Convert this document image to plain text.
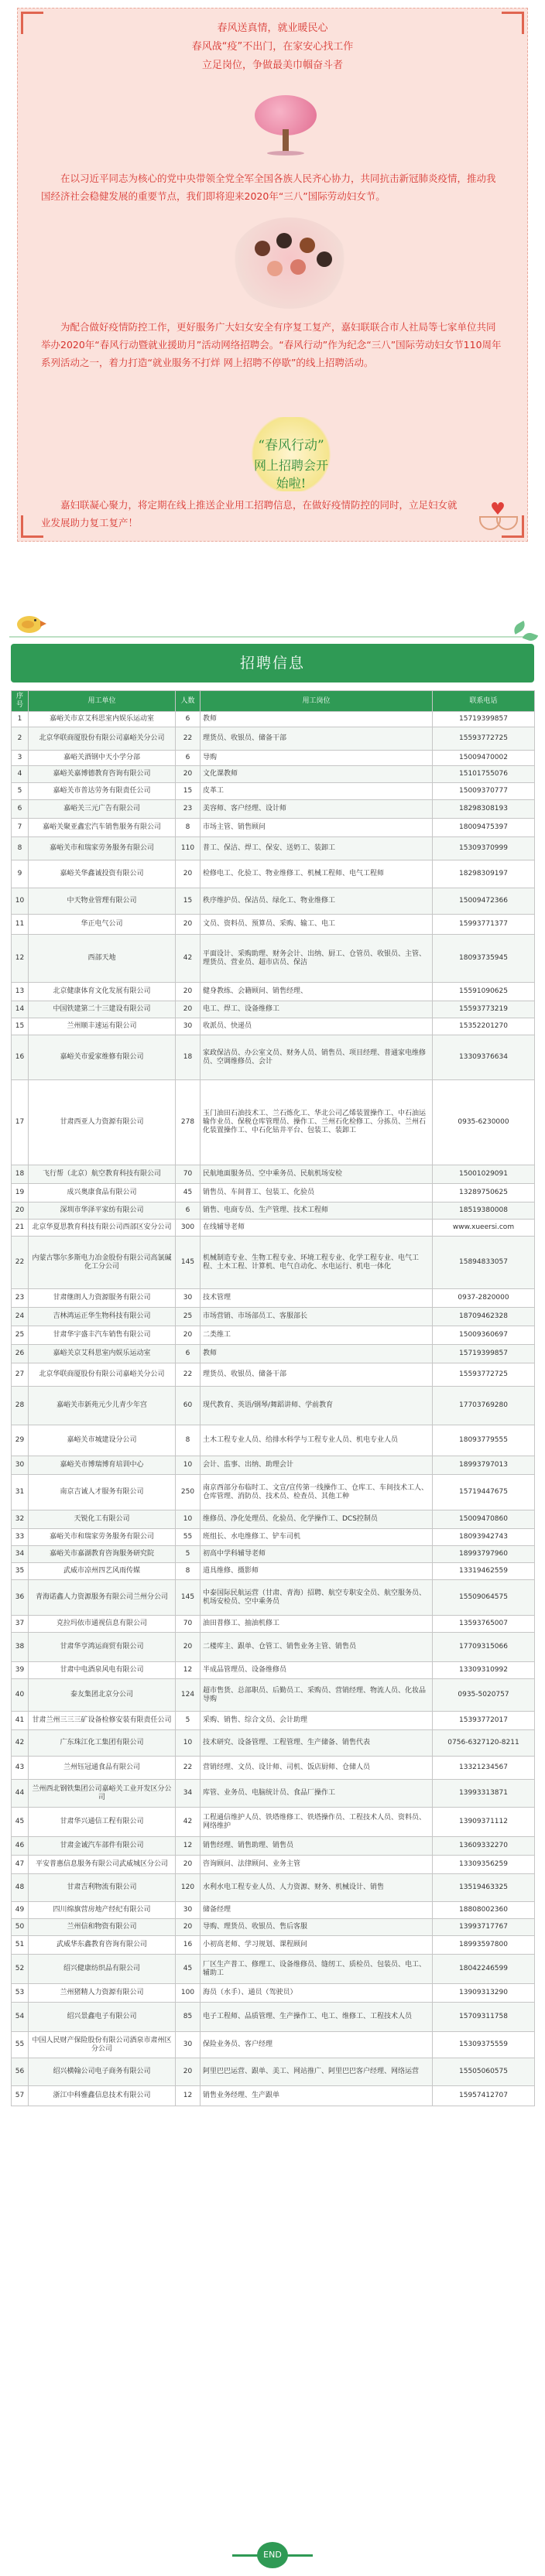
春风送真情，就业暖民心
春风战“疫”不出门，在家安心找工作
立足岗位，争做最美巾帼奋斗者

在以习近平同志为核心的党中央带领全党全军全国各族人民齐心协力，共同抗击新冠肺炎疫情，推动我国经济社会稳健发展的重要节点，我们即将迎来2020年“三八”国际劳动妇女节。

为配合做好疫情防控工作，更好服务广大妇女安全有序复工复产，嘉妇联联合市人社局等七家单位共同举办2020年“春风行动暨就业援助月”活动网络招聘会。“春风行动”作为纪念“三八”国际劳动妇女节110周年系列活动之一，着力打造“就业服务不打烊 网上招聘不停歇”的线上招聘活动。

“春风行动”
网上招聘会开始啦!

嘉妇联凝心聚力，将定期在线上推送企业用工招聘信息，在做好疫情防控的同时，立足妇女就业发展助力复工复产！

♥
招聘信息
序号	用工单位	人数	用工岗位	联系电话
1	嘉峪关市京艾科思室内娱乐运动室	6	教师	15719399857
2	北京华联商厦股份有限公司嘉峪关分公司	22	理货员、收银员、储备干部	15593772725
3	嘉峪关酒钢中天小学分部	6	导购	15009470002
4	嘉峪关嘉博德教育咨询有限公司	20	文化课教师	15101755076
5	嘉峪关市普达劳务有限责任公司	15	皮革工	15009370777
6	嘉峪关三元广告有限公司	23	美容师、客户经理、设计师	18298308193
7	嘉峪关聚亚鑫宏汽车销售服务有限公司	8	市场主管、销售顾问	18009475397
8	嘉峪关市和瑞家劳务服务有限公司	110	普工、保洁、焊工、保安、送奶工、装卸工	15309370999
9	嘉峪关华鑫诚投资有限公司	20	检修电工、化验工、物业维修工、机械工程师、电气工程师	18298309197
10	中天物业管理有限公司	15	秩序维护员、保洁员、绿化工、物业维修工	15009472366
11	华正电气公司	20	文员、资料员、预算员、采购、输工、电工	15993771377
12	西部天地	42	平面设计、采购助理、财务会计、出纳、厨工、仓管员、收银员、主管、理货员、营业员、超市店员、保洁	18093735945
13	北京健康体育文化发展有限公司	20	健身教练、会籍顾问、销售经理、	15591090625
14	中国铁建第二十三建设有限公司	20	电工、焊工、设备维修工	15593773219
15	兰州顺丰速运有限公司	30	收派员、快递员	15352201270
16	嘉峪关市爱家维修有限公司	18	家政保洁员、办公室文员、财务人员、销售员、项目经理、普通家电维修员、空调维修员、会计	13309376634
17	甘肃西亚人力资源有限公司	278	玉门油田石油技术工、兰石炼化工、华北公司乙烯装置操作工、中石油运输作业员、保税仓库管理员、操作工、兰州石化检修工、分拣员、兰州石化装置操作工、中石化钻井平台、包装工、装卸工	0935-6230000
18	飞行帮（北京）航空教育科技有限公司	70	民航地面服务员、空中乘务员、民航机场安检	15001029091
19	成兴奥康食品有限公司	45	销售员、车间普工、包装工、化验员	13289750625
20	深圳市华泽平家纺有限公司	6	销售、电商专员、生产管理、技术工程师	18519380008
21	北京华夏思教育科技有限公司西部区安分公司	300	在线辅导老师	www.xueersi.com
22	内蒙古鄂尔多斯电力冶金股份有限公司高氯碱化工分公司	145	机械制造专业、生物工程专业、环境工程专业、化学工程专业、电气工程、土木工程、计算机、电气自动化、水电运行、机电一体化	15894833057
23	甘肃继朗人力资源服务有限公司	30	技术管理	0937-2820000
24	吉林鸿运正华生物科技有限公司	25	市场营销、市场部员工、客服部长	18709462328
25	甘肃华宇盛丰汽车销售有限公司	20	二类维工	15009360697
26	嘉峪关京艾科思室内娱乐运动室	6	教师	15719399857
27	北京华联商厦股份有限公司嘉峪关分公司	22	理货员、收银员、储备干部	15593772725
28	嘉峪关市新苑元少儿青少年宫	60	现代教育、英语/钢琴/舞蹈讲师、学前教育	17703769280
29	嘉峪关市城建设分公司	8	土木工程专业人员、给排水科学与工程专业人员、机电专业人员	18093779555
30	嘉峪关市博瑞博育培训中心	10	会计、监事、出纳、助理会计	18993797013
31	南京吉诚人才服务有限公司	250	南京西部分布临时工、文宣/宣传第一线操作工、仓库工、车间技术工人、仓库管理、消防员、技术员、检查员、其他工种	15719447675
32	天锐化工有限公司	10	维修员、净化处理员、化验员、化学操作工、DCS控制员	15009470860
33	嘉峪关市和瑞家劳务服务有限公司	55	班组长、水电维修工、铲车司机	18093942743
34	嘉峪关市嘉湖教育咨询服务研究院	5	初高中学科辅导老师	18993797960
35	武威市凉州四艺风雨传媒	8	道具维修、摄影师	13319462559
36	青海诺鑫人力资源服务有限公司兰州分公司	145	中泰国际民航运营（甘肃、青海）招聘、航空专职安全员、航空服务员、机场安检员、空中乘务员	15509064575
37	克拉玛依市通视信息有限公司	70	油田普修工、抽油机修工	13593765007
38	甘肃华亨鸿运商贸有限公司	20	二楼库主、跟单、仓管工、销售业务主管、销售员	17709315066
39	甘肃中电酒泉风电有限公司	12	半成品管理员、设备维修员	13309310992
40	泰友集团北京分公司	124	超市售货、总部职员、后勤员工、采购员、营销经理、物流人员、化妆品导购	0935-5020757
41	甘肃兰州三三三矿设备检修安装有限责任公司	5	采购、销售、综合文员、会计助理	15393772017
42	广东珠江化工集团有限公司	10	技术研究、设备管理、工程管理、生产储备、销售代表	0756-6327120-8211
43	兰州钰冠通食品有限公司	22	营销经理、文员、设计师、司机、饭店厨师、仓储人员	13321234567
44	兰州西北钢铁集团公司嘉峪关工业开发区分公司	34	库管、业务员、电脑统计员、食品厂操作工	13993313871
45	甘肃华兴通信工程有限公司	42	工程通信维护人员、铁塔维修工、铁塔操作员、工程技术人员、资料员、网络维护	13909371112
46	甘肃金诚汽车部件有限公司	12	销售经理、销售助理、销售员	13609332270
47	平安普惠信息服务有限公司武威城区分公司	20	咨询顾问、法律顾问、业务主管	13309356259
48	甘肃吉利物流有限公司	120	水利水电工程专业人员、人力资源、财务、机械设计、销售	13519463325
49	四川绵旗营房地产经纪有限公司	30	储备经理	18808002360
50	兰州信和物资有限公司	20	导购、理货员、收银员、售后客服	13993717767
51	武威华东鑫教育咨询有限公司	16	小初高老师、学习规划、课程顾问	18993597800
52	绍兴健康纺织品有限公司	45	厂区生产普工、修理工、设备维修员、缝纫工、质检员、包装员、电工、辅助工	18042246599
53	兰州猪精人力资源有限公司	100	海员（水手）、通员（驾驶员）	13909313290
54	绍兴景鑫电子有限公司	85	电子工程师、品质管理、生产操作工、电工、维修工、工程技术人员	15709311758
55	中国人民财产保险股份有限公司酒泉市肃州区分公司	30	保险业务员、客户经理	15309375559
56	绍兴横翰公司电子商务有限公司	20	阿里巴巴运营、跟单、美工、网站推广、阿里巴巴客户经理、网络运营	15505060575
57	浙江中科雅鑫信息技术有限公司	12	销售业务经理、生产跟单	15957412707
END
